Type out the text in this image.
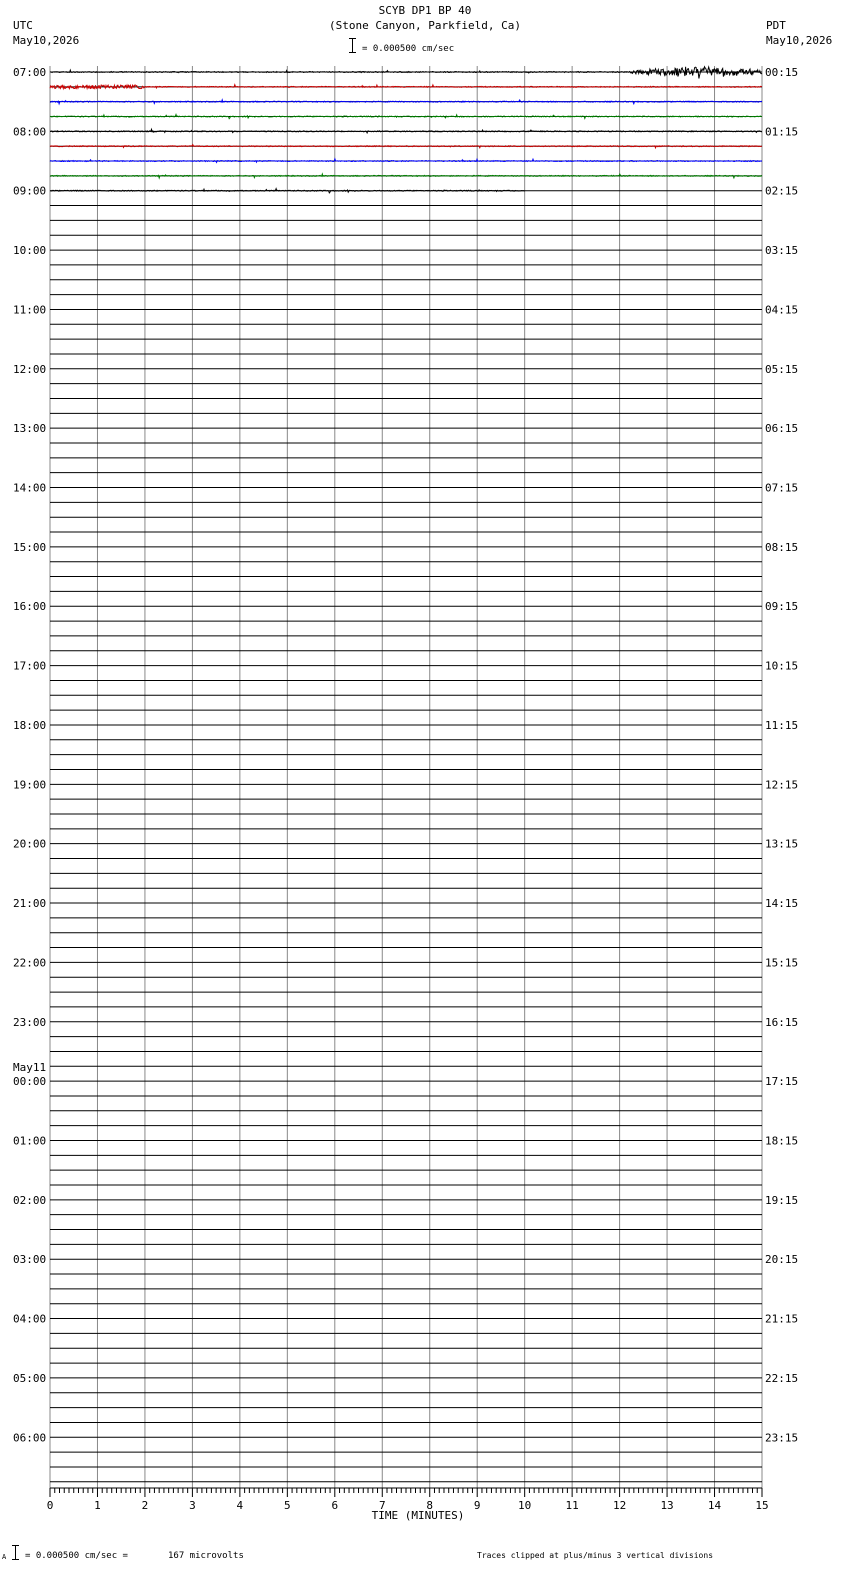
SCYB DP1 BP 40
(Stone Canyon, Parkfield, Ca)
UTC
May10,2026
PDT
May10,2026
= 0.000500 cm/sec
0	1	2	3	4	5	6	7	8	9	10	11	12	13	14	15
07:00
08:00
09:00
10:00
11:00
12:00
13:00
14:00
15:00
16:00
17:00
18:00
19:00
20:00
21:00
22:00
23:00
00:00
01:00
02:00
03:00
04:00
05:00
06:00
00:15
01:15
02:15
03:15
04:15
05:15
06:15
07:15
08:15
09:15
10:15
11:15
12:15
13:15
14:15
15:15
16:15
17:15
18:15
19:15
20:15
21:15
22:15
23:15
May11
TIME (MINUTES)
A = 0.000500 cm/sec =	167 microvolts	Traces clipped at plus/minus 3 vertical divisions
